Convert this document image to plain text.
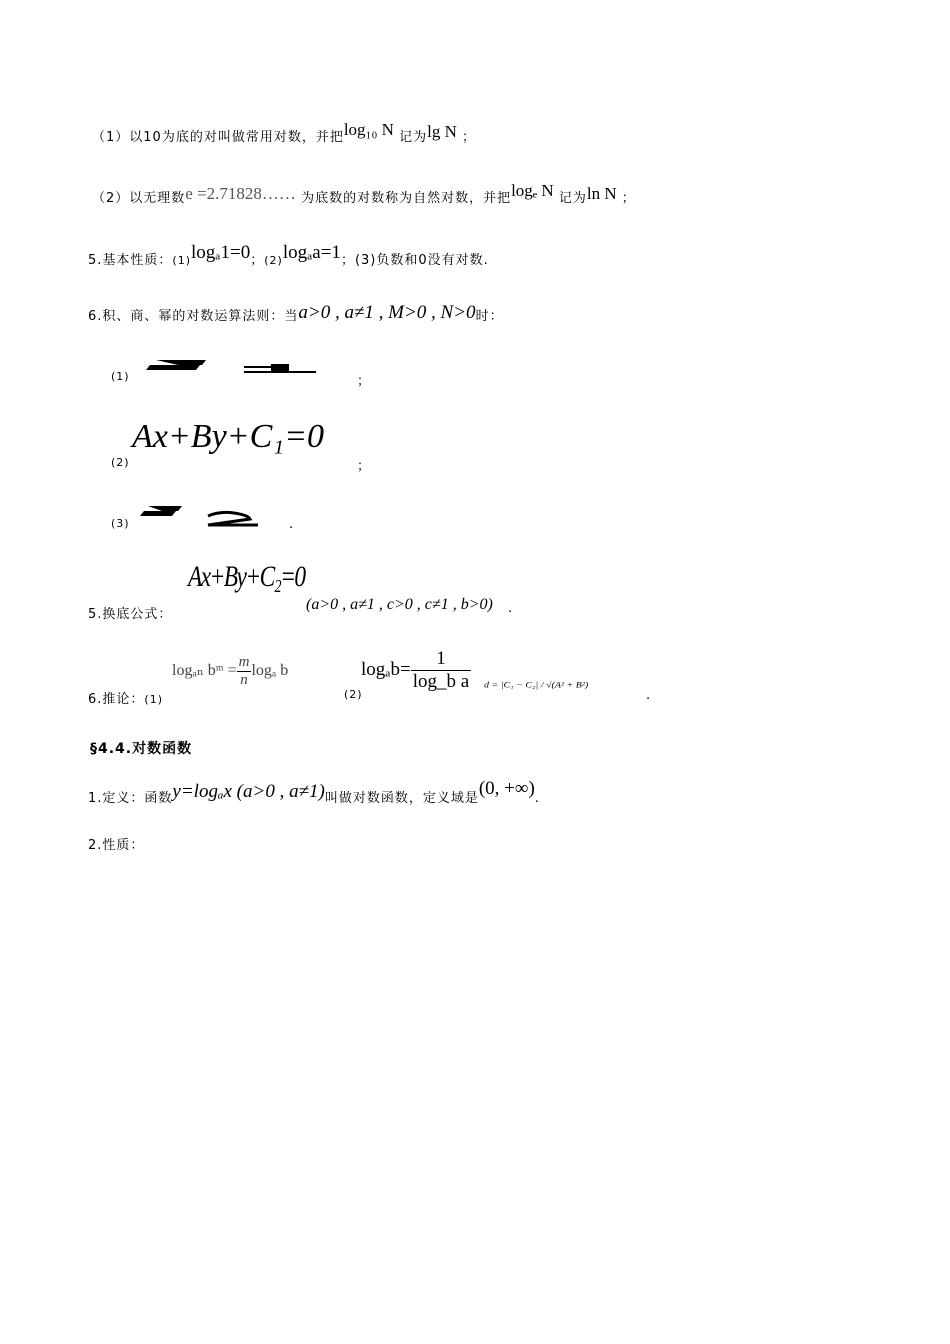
（1）以10为底的对叫做常用对数，并把log₁₀ N 记为lg N ；
（2）以无理数e =2.71828…… 为底数的对数称为自然对数，并把logₑ N 记为ln N ；
5.基本性质：(1)logₐ1=0；(2)logₐa=1；(3)负数和0没有对数.
6.积、商、幂的对数运算法则：当a>0 , a≠1 , M>0 , N>0时：
(1)	；
(2)
Ax+By+C₁=0
；
(3)	.
5.换底公式：
Ax+By+C₂=0
(a>0 , a≠1 , c>0 , c≠1 , b>0) .
6.推论：(1)
logₐₙ bᵐ = $\frac{m}{n}$ logₐ b
(2)
$\log_ab= \frac{1}{\text{log\_b a}}$ d = |C₁ − C₂| / √(A² + B²)
.
§4.4.对数函数
1.定义：函数y=logₐx (a>0 , a≠1)叫做对数函数，定义域是(0, +∞).
2.性质：
